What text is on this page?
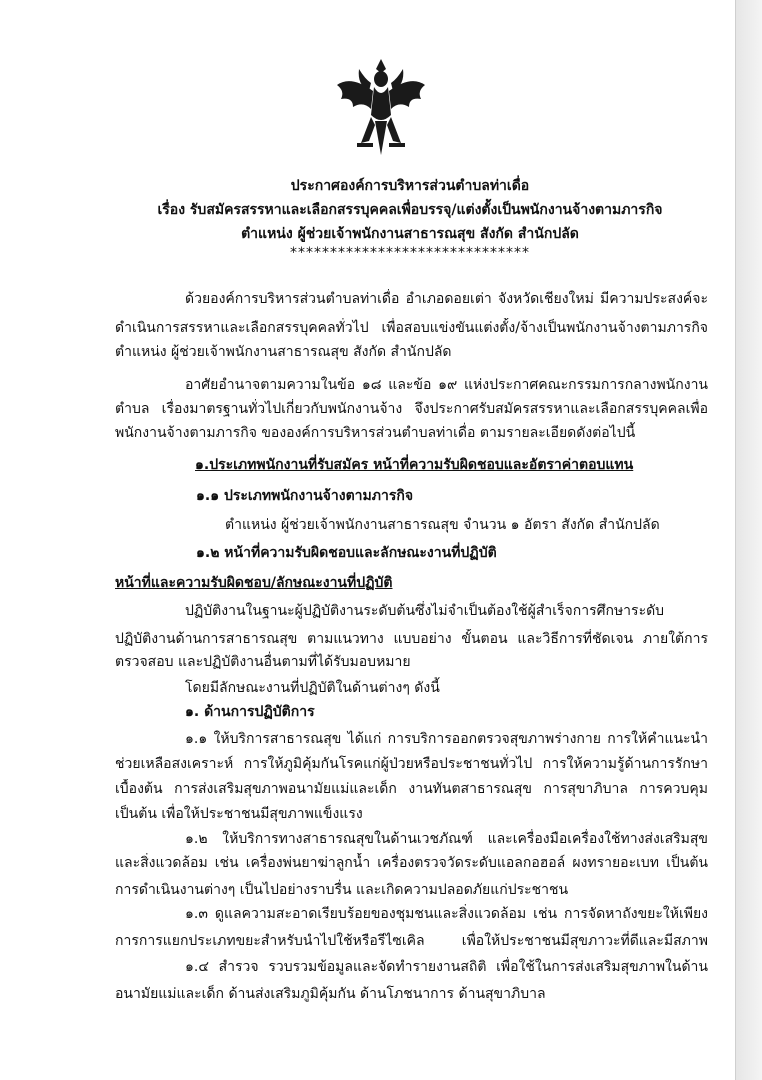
ประกาศองค์การบริหารส่วนตำบลท่าเดื่อ
เรื่อง รับสมัครสรรหาและเลือกสรรบุคคลเพื่อบรรจุ/แต่งตั้งเป็นพนักงานจ้างตามภารกิจ
ตำแหน่ง ผู้ช่วยเจ้าพนักงานสาธารณสุข สังกัด สำนักปลัด
******************************
ด้วยองค์การบริหารส่วนตำบลท่าเดื่อ อำเภอดอยเต่า จังหวัดเชียงใหม่ มีความประสงค์จะ
ดำเนินการสรรหาและเลือกสรรบุคคลทั่วไป เพื่อสอบแข่งขันแต่งตั้ง/จ้างเป็นพนักงานจ้างตามภารกิจ
ตำแหน่ง ผู้ช่วยเจ้าพนักงานสาธารณสุข สังกัด สำนักปลัด
อาศัยอำนาจตามความในข้อ ๑๘ และข้อ ๑๙ แห่งประกาศคณะกรรมการกลางพนักงาน
ตำบล เรื่องมาตรฐานทั่วไปเกี่ยวกับพนักงานจ้าง จึงประกาศรับสมัครสรรหาและเลือกสรรบุคคลเพื่อ
พนักงานจ้างตามภารกิจ ขององค์การบริหารส่วนตำบลท่าเดื่อ ตามรายละเอียดดังต่อไปนี้
๑.ประเภทพนักงานที่รับสมัคร หน้าที่ความรับผิดชอบและอัตราค่าตอบแทน
๑.๑ ประเภทพนักงานจ้างตามภารกิจ
ตำแหน่ง ผู้ช่วยเจ้าพนักงานสาธารณสุข จำนวน ๑ อัตรา สังกัด สำนักปลัด
๑.๒ หน้าที่ความรับผิดชอบและลักษณะงานที่ปฏิบัติ
หน้าที่และความรับผิดชอบ/ลักษณะงานที่ปฏิบัติ
ปฏิบัติงานในฐานะผู้ปฏิบัติงานระดับต้นซึ่งไม่จำเป็นต้องใช้ผู้สำเร็จการศึกษาระดับ
ปฏิบัติงานด้านการสาธารณสุข ตามแนวทาง แบบอย่าง ขั้นตอน และวิธีการที่ชัดเจน ภายใต้การ
ตรวจสอบ และปฏิบัติงานอื่นตามที่ได้รับมอบหมาย
โดยมีลักษณะงานที่ปฏิบัติในด้านต่างๆ ดังนี้
๑. ด้านการปฏิบัติการ
๑.๑ ให้บริการสาธารณสุข ได้แก่ การบริการออกตรวจสุขภาพร่างกาย การให้คำแนะนำ
ช่วยเหลือสงเคราะห์ การให้ภูมิคุ้มกันโรคแก่ผู้ป่วยหรือประชาชนทั่วไป การให้ความรู้ด้านการรักษา
เบื้องต้น การส่งเสริมสุขภาพอนามัยแม่และเด็ก งานทันตสาธารณสุข การสุขาภิบาล การควบคุม
เป็นต้น เพื่อให้ประชาชนมีสุขภาพแข็งแรง
๑.๒ ให้บริการทางสาธารณสุขในด้านเวชภัณฑ์ และเครื่องมือเครื่องใช้ทางส่งเสริมสุข
และสิ่งแวดล้อม เช่น เครื่องพ่นยาฆ่าลูกน้ำ เครื่องตรวจวัดระดับแอลกอฮอล์ ผงทรายอะเบท เป็นต้น
การดำเนินงานต่างๆ เป็นไปอย่างราบรื่น และเกิดความปลอดภัยแก่ประชาชน
๑.๓ ดูแลความสะอาดเรียบร้อยของชุมชนและสิ่งแวดล้อม เช่น การจัดหาถังขยะให้เพียง
การการแยกประเภทขยะสำหรับนำไปใช้หรือรีไซเคิล เพื่อให้ประชาชนมีสุขภาวะที่ดีและมีสภาพ
๑.๔ สำรวจ รวบรวมข้อมูลและจัดทำรายงานสถิติ เพื่อใช้ในการส่งเสริมสุขภาพในด้าน
อนามัยแม่และเด็ก ด้านส่งเสริมภูมิคุ้มกัน ด้านโภชนาการ ด้านสุขาภิบาล
